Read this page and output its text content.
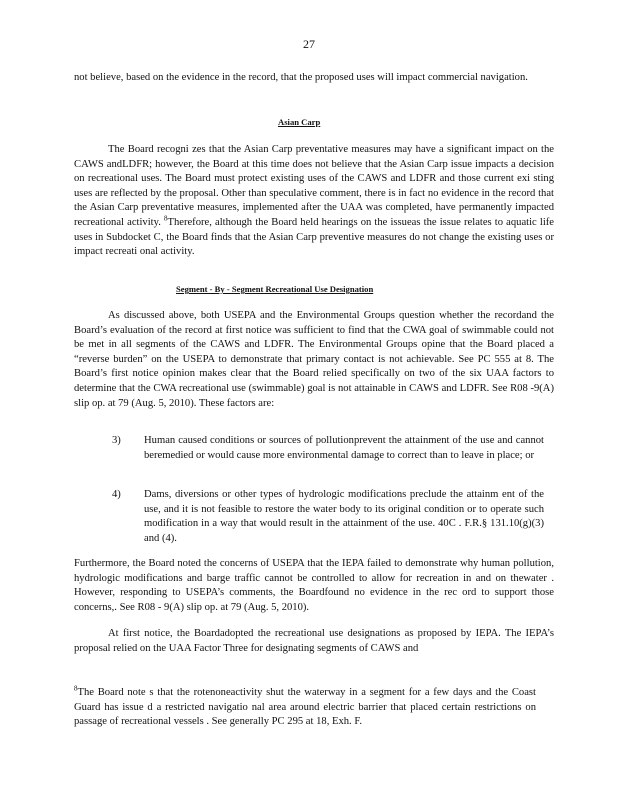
27
not believe, based on the evidence in the record, that the proposed uses will impact commercial navigation.
Asian Carp
The Board recogni zes that the Asian Carp preventative measures may have a significant impact on the CAWS andLDFR; however, the Board at this time does not believe that the Asian Carp issue impacts a decision on recreational uses. The Board must protect existing uses of the CAWS and LDFR and those current exi sting uses are reflected by the proposal. Other than speculative comment, there is in fact no evidence in the record that the Asian Carp preventative measures, implemented after the UAA was completed, have permanently impacted recreational activity. $^8$Therefore, although the Board held hearings on the issueas the issue relates to aquatic life uses in Subdocket C, the Board finds that the Asian Carp preventive measures do not change the existing uses or impact recreati onal activity.
Segment - By - Segment Recreational Use Designation
As discussed above, both USEPA and the Environmental Groups question whether the recordand the Board’s evaluation of the record at first notice was sufficient to find that the CWA goal of swimmable could not be met in all segments of the CAWS and LDFR. The Environmental Groups opine that the Board placed a “reverse burden” on the USEPA to demonstrate that primary contact is not achievable. See PC 555 at 8. The Board’s first notice opinion makes clear that the Board relied specifically on two of the six UAA factors to determine that the CWA recreational use (swimmable) goal is not attainable in CAWS and LDFR. See R08 -9(A) slip op. at 79 (Aug. 5, 2010). These factors are:
3) Human caused conditions or sources of pollutionprevent the attainment of the use and cannot beremedied or would cause more environmental damage to correct than to leave in place; or
4) Dams, diversions or other types of hydrologic modifications preclude the attainm ent of the use, and it is not feasible to restore the water body to its original condition or to operate such modification in a way that would result in the attainment of the use. 40C . F.R.§ 131.10(g)(3) and (4).
Furthermore, the Board noted the concerns of USEPA that the IEPA failed to demonstrate why human pollution, hydrologic modifications and barge traffic cannot be controlled to allow for recreation in and on thewater . However, responding to USEPA’s comments, the Boardfound no evidence in the rec ord to support those concerns,. See R08 - 9(A) slip op. at 79 (Aug. 5, 2010).
At first notice, the Boardadopted the recreational use designations as proposed by IEPA. The IEPA’s proposal relied on the UAA Factor Three for designating segments of CAWS and
$^8$The Board note s that the rotenoneactivity shut the waterway in a segment for a few days and the Coast Guard has issue d a restricted navigatio nal area around electric barrier that placed certain restrictions on passage of recreational vessels . See generally PC 295 at 18, Exh. F.
